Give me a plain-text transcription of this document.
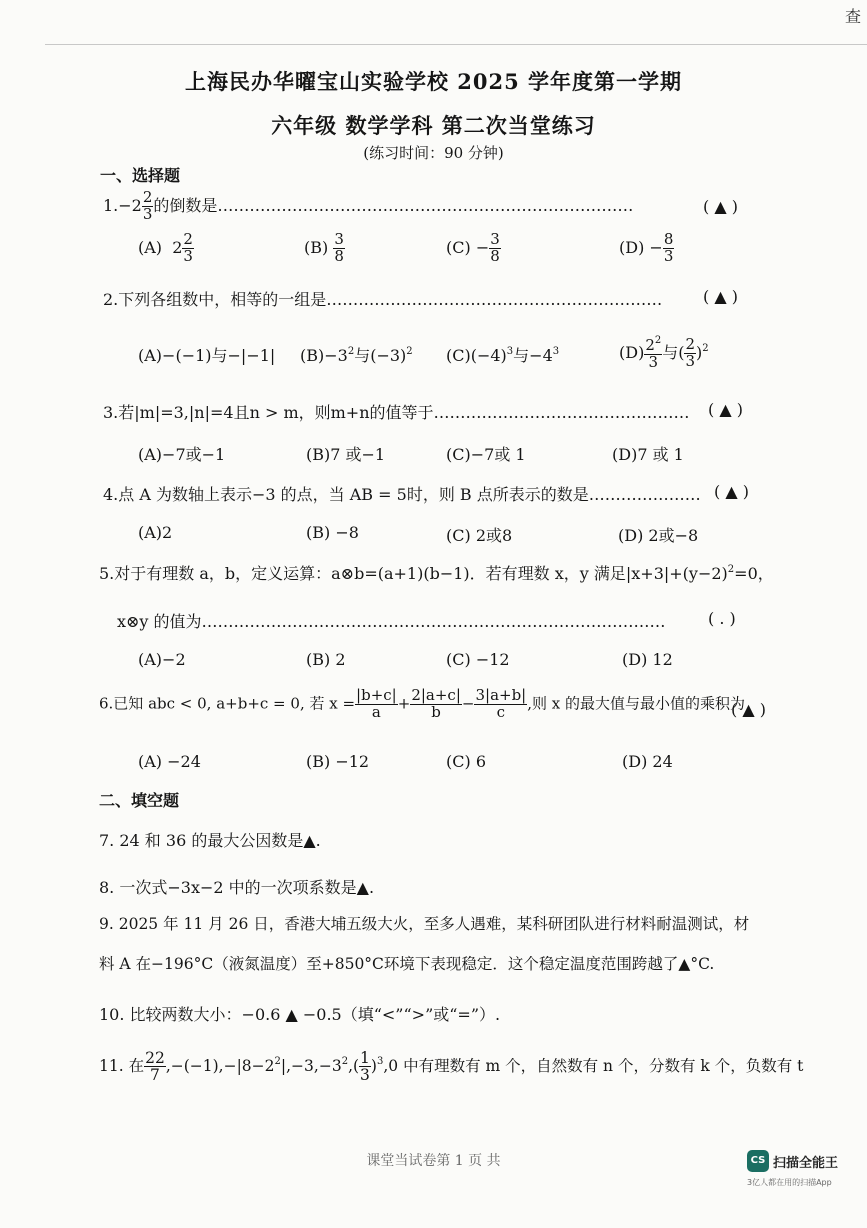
查
上海民办华曜宝山实验学校 2025 学年度第一学期
六年级 数学学科 第二次当堂练习
(练习时间：90 分钟)
一、选择题
$1.-2 \frac{2}{3}$ 的倒数是……………………………………………………………………	( ▲ )
(A) $2 \frac{2}{3}$	$(B) \frac{3}{8}$	$(C) - \frac{3}{8}$	$(D) - \frac{8}{3}$
2.下列各组数中，相等的一组是………………………………………………………	( ▲ )
(A)−(−1)与−|−1| $(B)-3^2$与$(-3)^2$ $(C)(-4)^3$与$-4^3$	$(D) \frac{2^2}{3}$ 与( $\frac{2}{3} )^2$
3.若|m|=3,|n|=4且n > m，则m+n的值等于………………………………………… ( ▲ )
(A)−7或−1	(B)7 或−1	(C)−7或 1	(D)7 或 1
4.点 A 为数轴上表示−3 的点，当 AB = 5时，则 B 点所表示的数是………………… ( ▲ )
(A)2	(B) −8	(C) 2或8	(D) 2或−8
5.对于有理数 a，b，定义运算：a⊗b=(a+1)(b−1)．若有理数 x，y 满足$|x+3|+(y-2)^2=0$，
x⊗y 的值为……………………………………………………………………………	( . )
(A)−2	(B) 2	(C) −12	(D) 12
6.已知 abc < 0, a+b+c = 0, 若 $x = \frac{|b+c|}{a} + \frac{2|a+c|}{b} - \frac{3|a+b|}{c}$ ,则 x 的最大值与最小值的乘积为
( ▲ )
(A) −24	(B) −12	(C) 6	(D) 24
二、填空题
7. 24 和 36 的最大公因数是▲.
8. 一次式−3x−2 中的一次项系数是▲.
9. 2025 年 11 月 26 日，香港大埔五级大火，至多人遇难，某科研团队进行材料耐温测试，材
料 A 在−196°C（液氮温度）至+850°C环境下表现稳定．这个稳定温度范围跨越了▲°C.
10. 比较两数大小：−0.6 ▲ −0.5（填“<”“>”或“=”）.
11. 在 $\frac{22}{7} ,-(-1),-|8-2^2|,-3,-3^2,( \frac{1}{3} )^3,0$ 中有理数有 m 个，自然数有 n 个，分数有 k 个，负数有 t
课堂当试卷第 1 页 共	CS 扫描全能王
3亿人都在用的扫描App
